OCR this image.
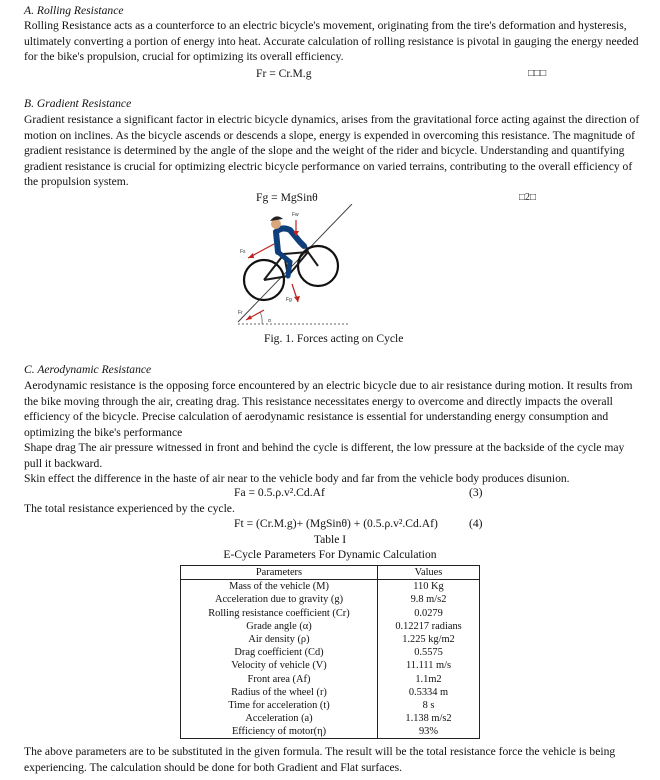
A. Rolling Resistance
Rolling Resistance acts as a counterforce to an electric bicycle's movement, originating from the tire's deformation and hysteresis,
ultimately converting a portion of energy into heat. Accurate calculation of rolling resistance is pivotal in gauging the energy needed
for the bike's propulsion, crucial for optimizing its overall efficiency.
Fr = Cr.M.g	□□□
B. Gradient Resistance
Gradient resistance a significant factor in electric bicycle dynamics, arises from the gravitational force acting against the direction of
motion on inclines. As the bicycle ascends or descends a slope, energy is expended in overcoming this resistance. The magnitude of
gradient resistance is determined by the angle of the slope and the weight of the rider and bicycle. Understanding and quantifying
gradient resistance is crucial for optimizing electric bicycle performance on varied terrains, contributing to the overall efficiency of
the propulsion system.
Fg = MgSinθ	□2□
Fw
Fs
Fg
Fr
α
Fig. 1. Forces acting on Cycle
C. Aerodynamic Resistance
Aerodynamic resistance is the opposing force encountered by an electric bicycle due to air resistance during motion. It results from
the bike moving through the air, creating drag. This resistance necessitates energy to overcome and directly impacts the overall
efficiency of the bicycle. Precise calculation of aerodynamic resistance is essential for understanding energy consumption and
optimizing the bike's performance
Shape drag The air pressure witnessed in front and behind the cycle is different, the low pressure at the backside of the cycle may
pull it backward.
Skin effect the difference in the haste of air near to the vehicle body and far from the vehicle body produces disunion.
Fa = 0.5.ρ.v².Cd.Af	(3)
The total resistance experienced by the cycle.
Ft = (Cr.M.g)+ (MgSinθ) + (0.5.ρ.v².Cd.Af)	(4)
Table I
E-Cycle Parameters For Dynamic Calculation
Parameters	Values
Mass of the vehicle (M)	110 Kg
Acceleration due to gravity (g)	9.8 m/s2
Rolling resistance coefficient (Cr)	0.0279
Grade angle (α)	0.12217 radians
Air density (ρ)	1.225 kg/m2
Drag coefficient (Cd)	0.5575
Velocity of vehicle (V)	11.111 m/s
Front area (Af)	1.1m2
Radius of the wheel (r)	0.5334 m
Time for acceleration (t)	8 s
Acceleration (a)	1.138 m/s2
Efficiency of motor(η)	93%
The above parameters are to be substituted in the given formula. The result will be the total resistance force the vehicle is being
experiencing. The calculation should be done for both Gradient and Flat surfaces.
